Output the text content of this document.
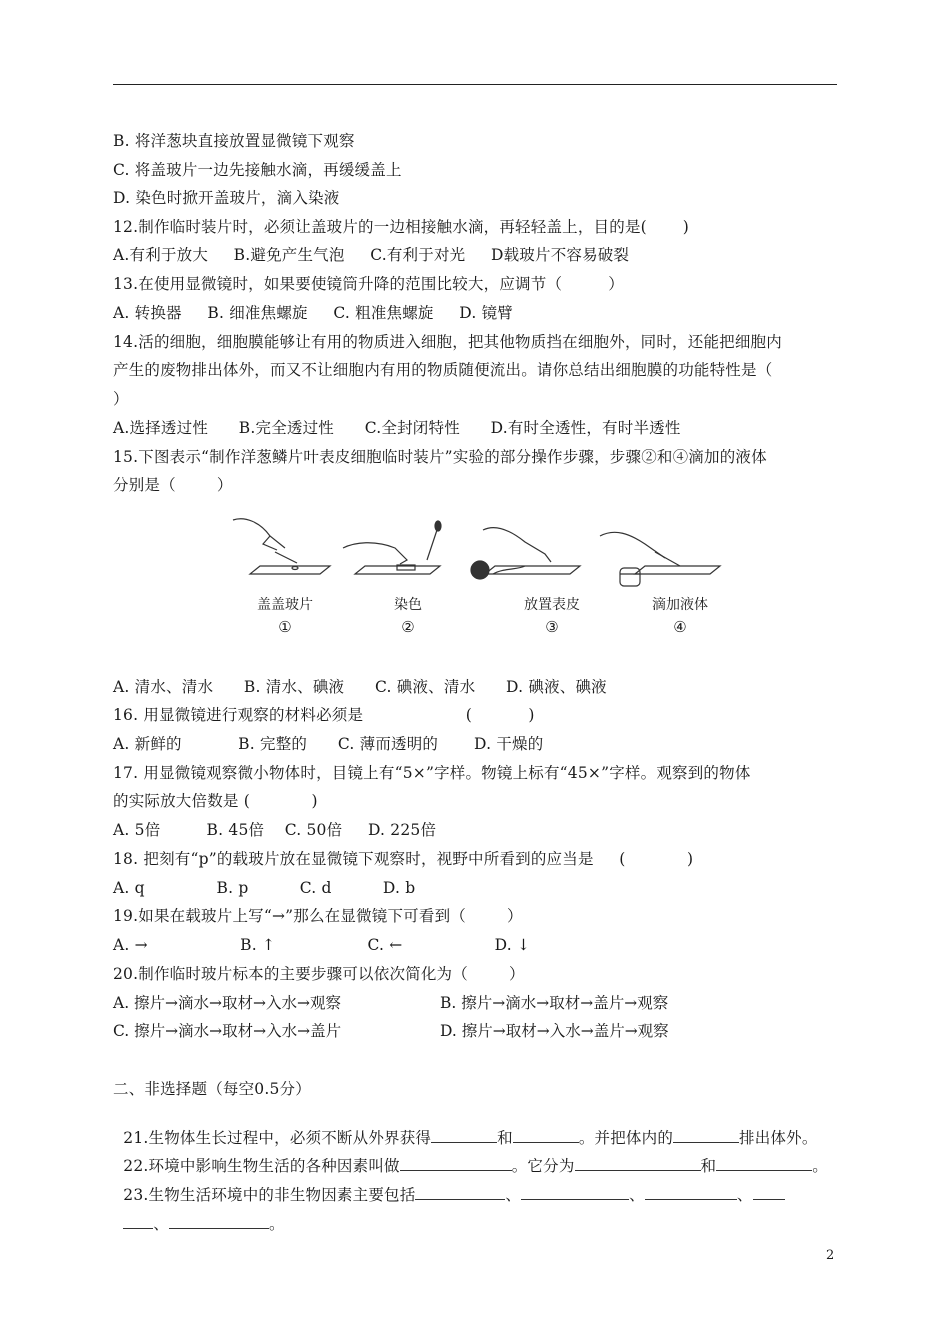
B. 将洋葱块直接放置显微镜下观察
C. 将盖玻片一边先接触水滴，再缓缓盖上
D. 染色时掀开盖玻片，滴入染液
12.制作临时装片时，必须让盖玻片的一边相接触水滴，再轻轻盖上，目的是(       )
A.有利于放大     B.避免产生气泡     C.有利于对光     D载玻片不容易破裂
13.在使用显微镜时，如果要使镜筒升降的范围比较大，应调节（         ）
A. 转换器     B. 细准焦螺旋     C. 粗准焦螺旋     D. 镜臂
14.活的细胞，细胞膜能够让有用的物质进入细胞，把其他物质挡在细胞外，同时，还能把细胞内
产生的废物排出体外，而又不让细胞内有用的物质随便流出。请你总结出细胞膜的功能特性是（
）
A.选择透过性      B.完全透过性      C.全封闭特性      D.有时全透性，有时半透性
15.下图表示“制作洋葱鳞片叶表皮细胞临时装片”实验的部分操作步骤，步骤②和④滴加的液体
分别是（        ）
盖盖玻片	染色	放置表皮	滴加液体
①	②	③	④
A. 清水、清水      B. 清水、碘液      C. 碘液、清水      D. 碘液、碘液
16. 用显微镜进行观察的材料必须是                    (           )
A. 新鲜的           B. 完整的      C. 薄而透明的       D. 干燥的
17. 用显微镜观察微小物体时，目镜上有“5×”字样。物镜上标有“45×”字样。观察到的物体
的实际放大倍数是 (            )
A. 5倍         B. 45倍    C. 50倍     D. 225倍
18. 把刻有“p”的载玻片放在显微镜下观察时，视野中所看到的应当是     (            )
A. q              B. p          C. d          D. b
19.如果在载玻片上写“→”那么在显微镜下可看到（        ）
A. →                  B. ↑                  C. ←                  D. ↓
20.制作临时玻片标本的主要步骤可以依次简化为（        ）
A. 擦片→滴水→取材→入水→观察	B. 擦片→滴水→取材→盖片→观察
C. 擦片→滴水→取材→入水→盖片	D. 擦片→取材→入水→盖片→观察
二、非选择题（每空0.5分）

21.生物体生长过程中，必须不断从外界获得	和	。并把体内的	排出体外。

22.环境中影响生物生活的各种因素叫做	。它分为	和	。

23.生物生活环境中的非生物因素主要包括	、	、	、

、	。

2
